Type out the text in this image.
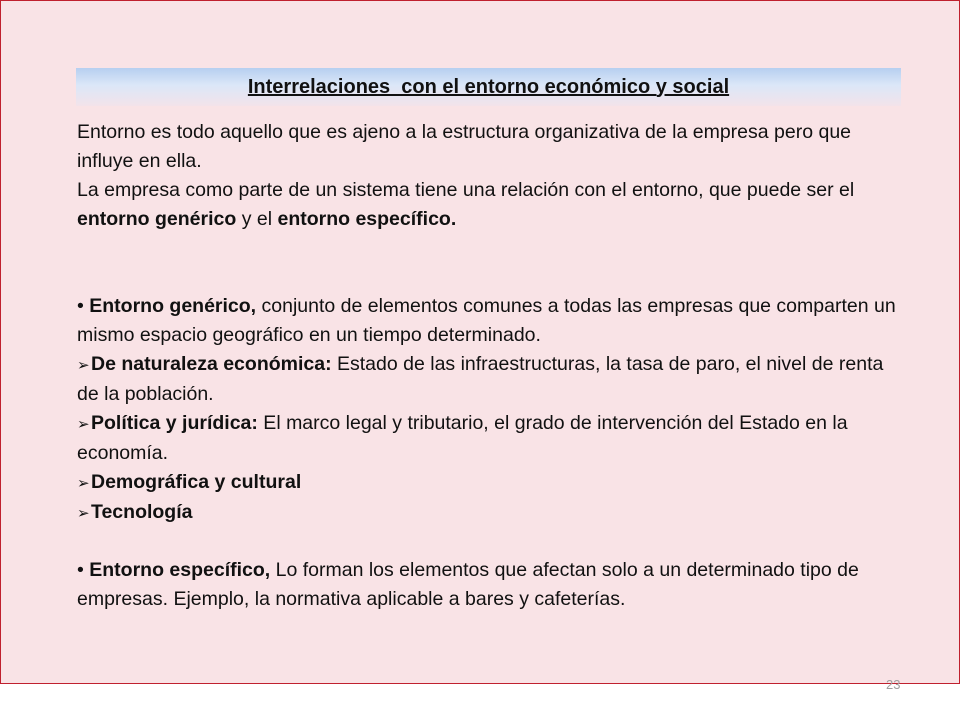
Interrelaciones  con el entorno económico y social

Entorno es todo aquello que es ajeno a la estructura organizativa de la empresa pero que influye en ella.

La empresa como parte de un sistema tiene una relación con el entorno, que puede ser el entorno genérico y el entorno específico.

• Entorno genérico, conjunto de elementos comunes a todas las empresas que comparten un mismo espacio geográfico en un tiempo determinado.

➢De naturaleza económica: Estado de las infraestructuras, la tasa de paro, el nivel de renta de la población.

➢Política y jurídica: El marco legal y tributario, el grado de intervención del Estado en la economía.

➢Demográfica y cultural

➢Tecnología

• Entorno específico, Lo forman los elementos que afectan solo a un determinado tipo de empresas. Ejemplo, la normativa aplicable a bares y cafeterías.

23
